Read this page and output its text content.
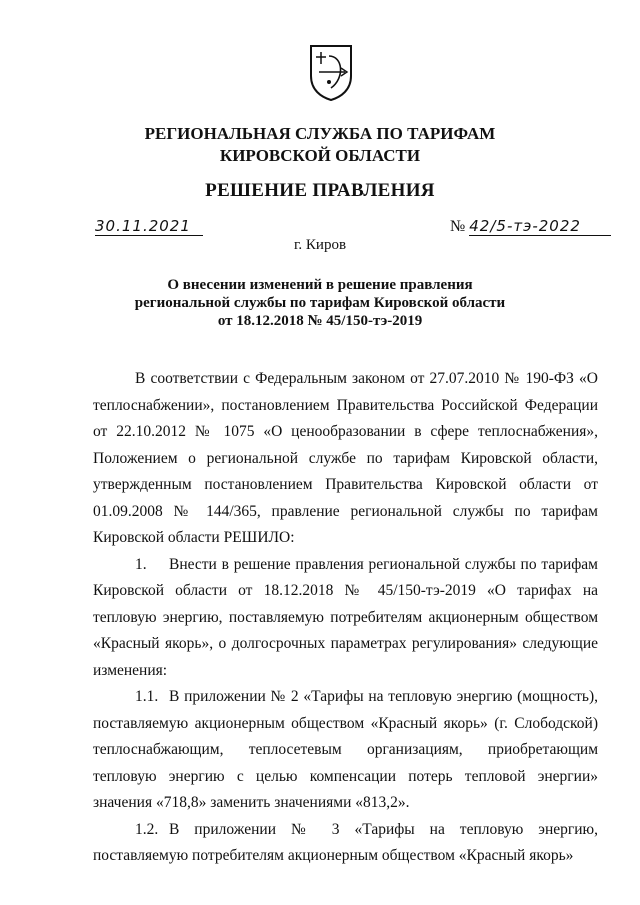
РЕГИОНАЛЬНАЯ СЛУЖБА ПО ТАРИФАМ
КИРОВСКОЙ ОБЛАСТИ
РЕШЕНИЕ ПРАВЛЕНИЯ
30.11.2021	№ 42/5-тэ-2022
г. Киров
О внесении изменений в решение правления
региональной службы по тарифам Кировской области
от 18.12.2018 № 45/150-тэ-2019

В соответствии с Федеральным законом от 27.07.2010 № 190-ФЗ «О теплоснабжении», постановлением Правительства Российской Федерации от 22.10.2012 № 1075 «О ценообразовании в сфере теплоснабжения», Положением о региональной службе по тарифам Кировской области, утвержденным постановлением Правительства Кировской области от 01.09.2008 № 144/365, правление региональной службы по тарифам Кировской области РЕШИЛО:

1. Внести в решение правления региональной службы по тарифам Кировской области от 18.12.2018 № 45/150-тэ-2019 «О тарифах на тепловую энергию, поставляемую потребителям акционерным обществом «Красный якорь», о долгосрочных параметрах регулирования» следующие изменения:

1.1. В приложении № 2 «Тарифы на тепловую энергию (мощность), поставляемую акционерным обществом «Красный якорь» (г. Слободской) теплоснабжающим, теплосетевым организациям, приобретающим тепловую энергию с целью компенсации потерь тепловой энергии» значения «718,8» заменить значениями «813,2».

1.2. В приложении № 3 «Тарифы на тепловую энергию, поставляемую потребителям акционерным обществом «Красный якорь»
